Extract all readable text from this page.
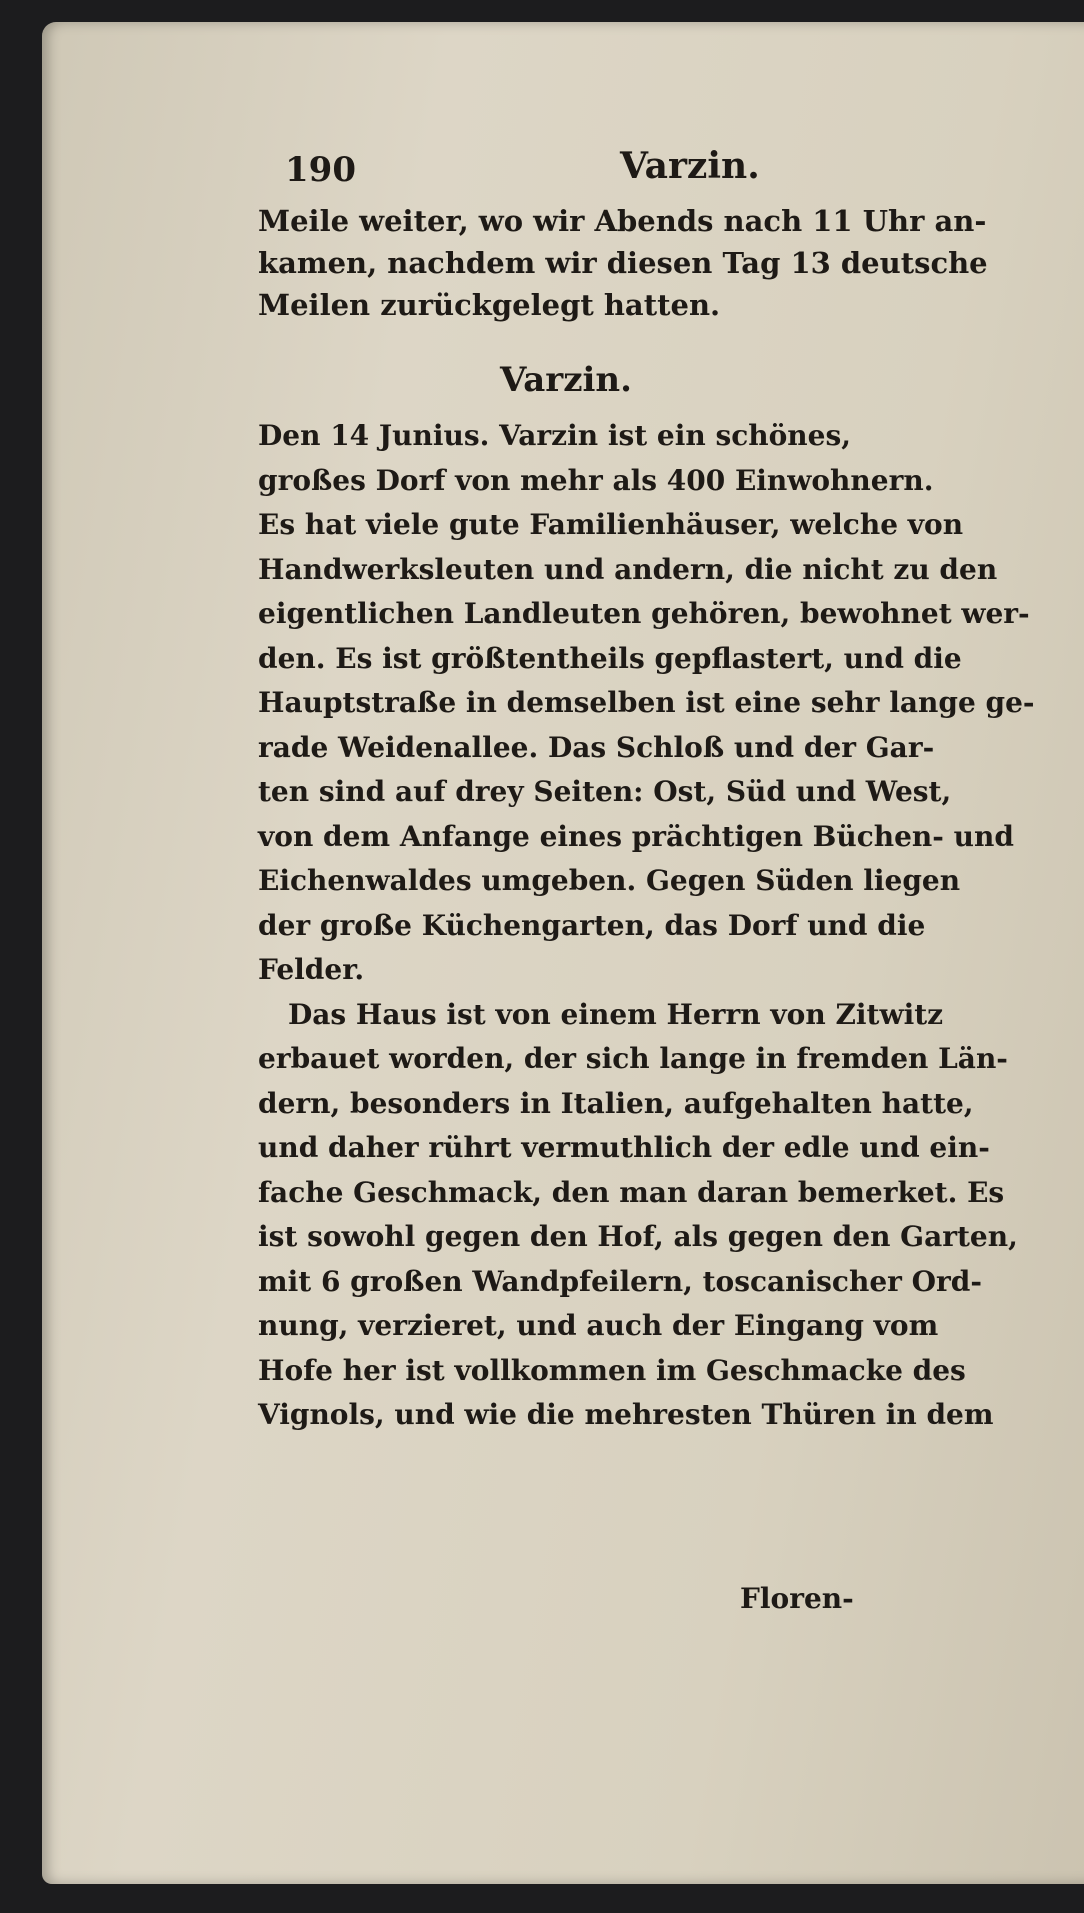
190	Varzin.
Meile weiter, wo wir Abends nach 11 Uhr an-
kamen, nachdem wir diesen Tag 13 deutsche
Meilen zurückgelegt hatten.
Varzin.
Den 14 Junius. Varzin ist ein schönes,
großes Dorf von mehr als 400 Einwohnern.
Es hat viele gute Familienhäuser, welche von
Handwerksleuten und andern, die nicht zu den
eigentlichen Landleuten gehören, bewohnet wer-
den. Es ist größtentheils gepflastert, und die
Hauptstraße in demselben ist eine sehr lange ge-
rade Weidenallee. Das Schloß und der Gar-
ten sind auf drey Seiten: Ost, Süd und West,
von dem Anfange eines prächtigen Büchen- und
Eichenwaldes umgeben. Gegen Süden liegen
der große Küchengarten, das Dorf und die
Felder.
Das Haus ist von einem Herrn von Zitwitz
erbauet worden, der sich lange in fremden Län-
dern, besonders in Italien, aufgehalten hatte,
und daher rührt vermuthlich der edle und ein-
fache Geschmack, den man daran bemerket. Es
ist sowohl gegen den Hof, als gegen den Garten,
mit 6 großen Wandpfeilern, toscanischer Ord-
nung, verzieret, und auch der Eingang vom
Hofe her ist vollkommen im Geschmacke des
Vignols, und wie die mehresten Thüren in dem
Floren-
